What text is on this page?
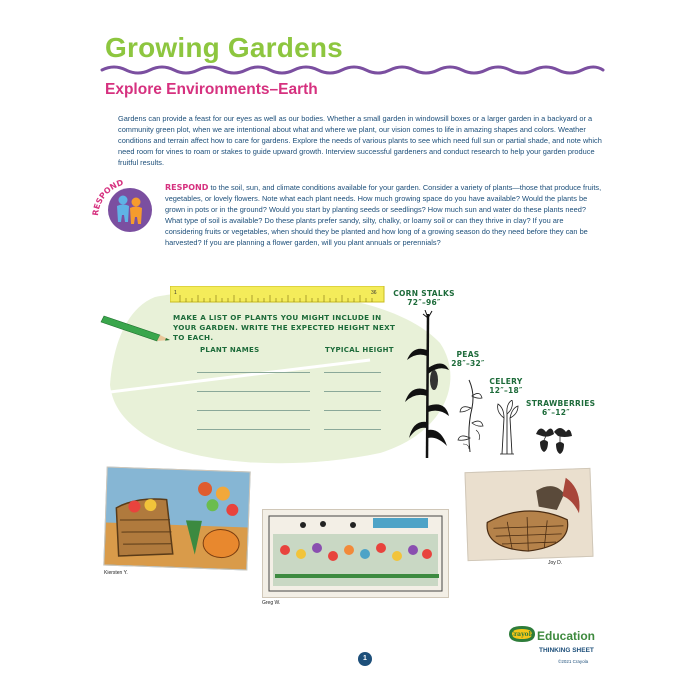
Growing Gardens
Explore Environments–Earth
Gardens can provide a feast for our eyes as well as our bodies. Whether a small garden in windowsill boxes or a larger garden in a backyard or a community green plot, when we are intentional about what and where we plant, our vision comes to life in amazing shapes and colors. Weather conditions and terrain affect how to care for gardens. Explore the needs of various plants to see which need full sun or partial shade, and note which need room for vines to roam or stakes to guide upward growth. Interview successful gardeners and conduct research to help your garden produce fruitful results.
RESPOND	RESPOND to the soil, sun, and climate conditions available for your garden. Consider a variety of plants—those that produce fruits, vegetables, or lovely flowers. Note what each plant needs. How much growing space do you have available? Would the plants be grown in pots or in the ground? Would you start by planting seeds or seedlings? How much sun and water do these plants need? What type of soil is available? Do these plants prefer sandy, silty, chalky, or loamy soil or can they thrive in clay? If you are considering fruits or vegetables, when should they be planted and how long of a growing season do they need before they can be harvested? If you are planning a flower garden, will you plant annuals or perennials?
1	36
MAKE A LIST OF PLANTS YOU MIGHT INCLUDE IN YOUR GARDEN. WRITE THE EXPECTED HEIGHT NEXT TO EACH.
PLANT NAMES	TYPICAL HEIGHT
CORN STALKS
72″–96″
PEAS
28″–32″
CELERY
12″–18″
STRAWBERRIES
6″–12″
Kiersten Y.
Greg W.
Joy D.
Crayola Education
THINKING SHEET
©2021 Crayola
1
